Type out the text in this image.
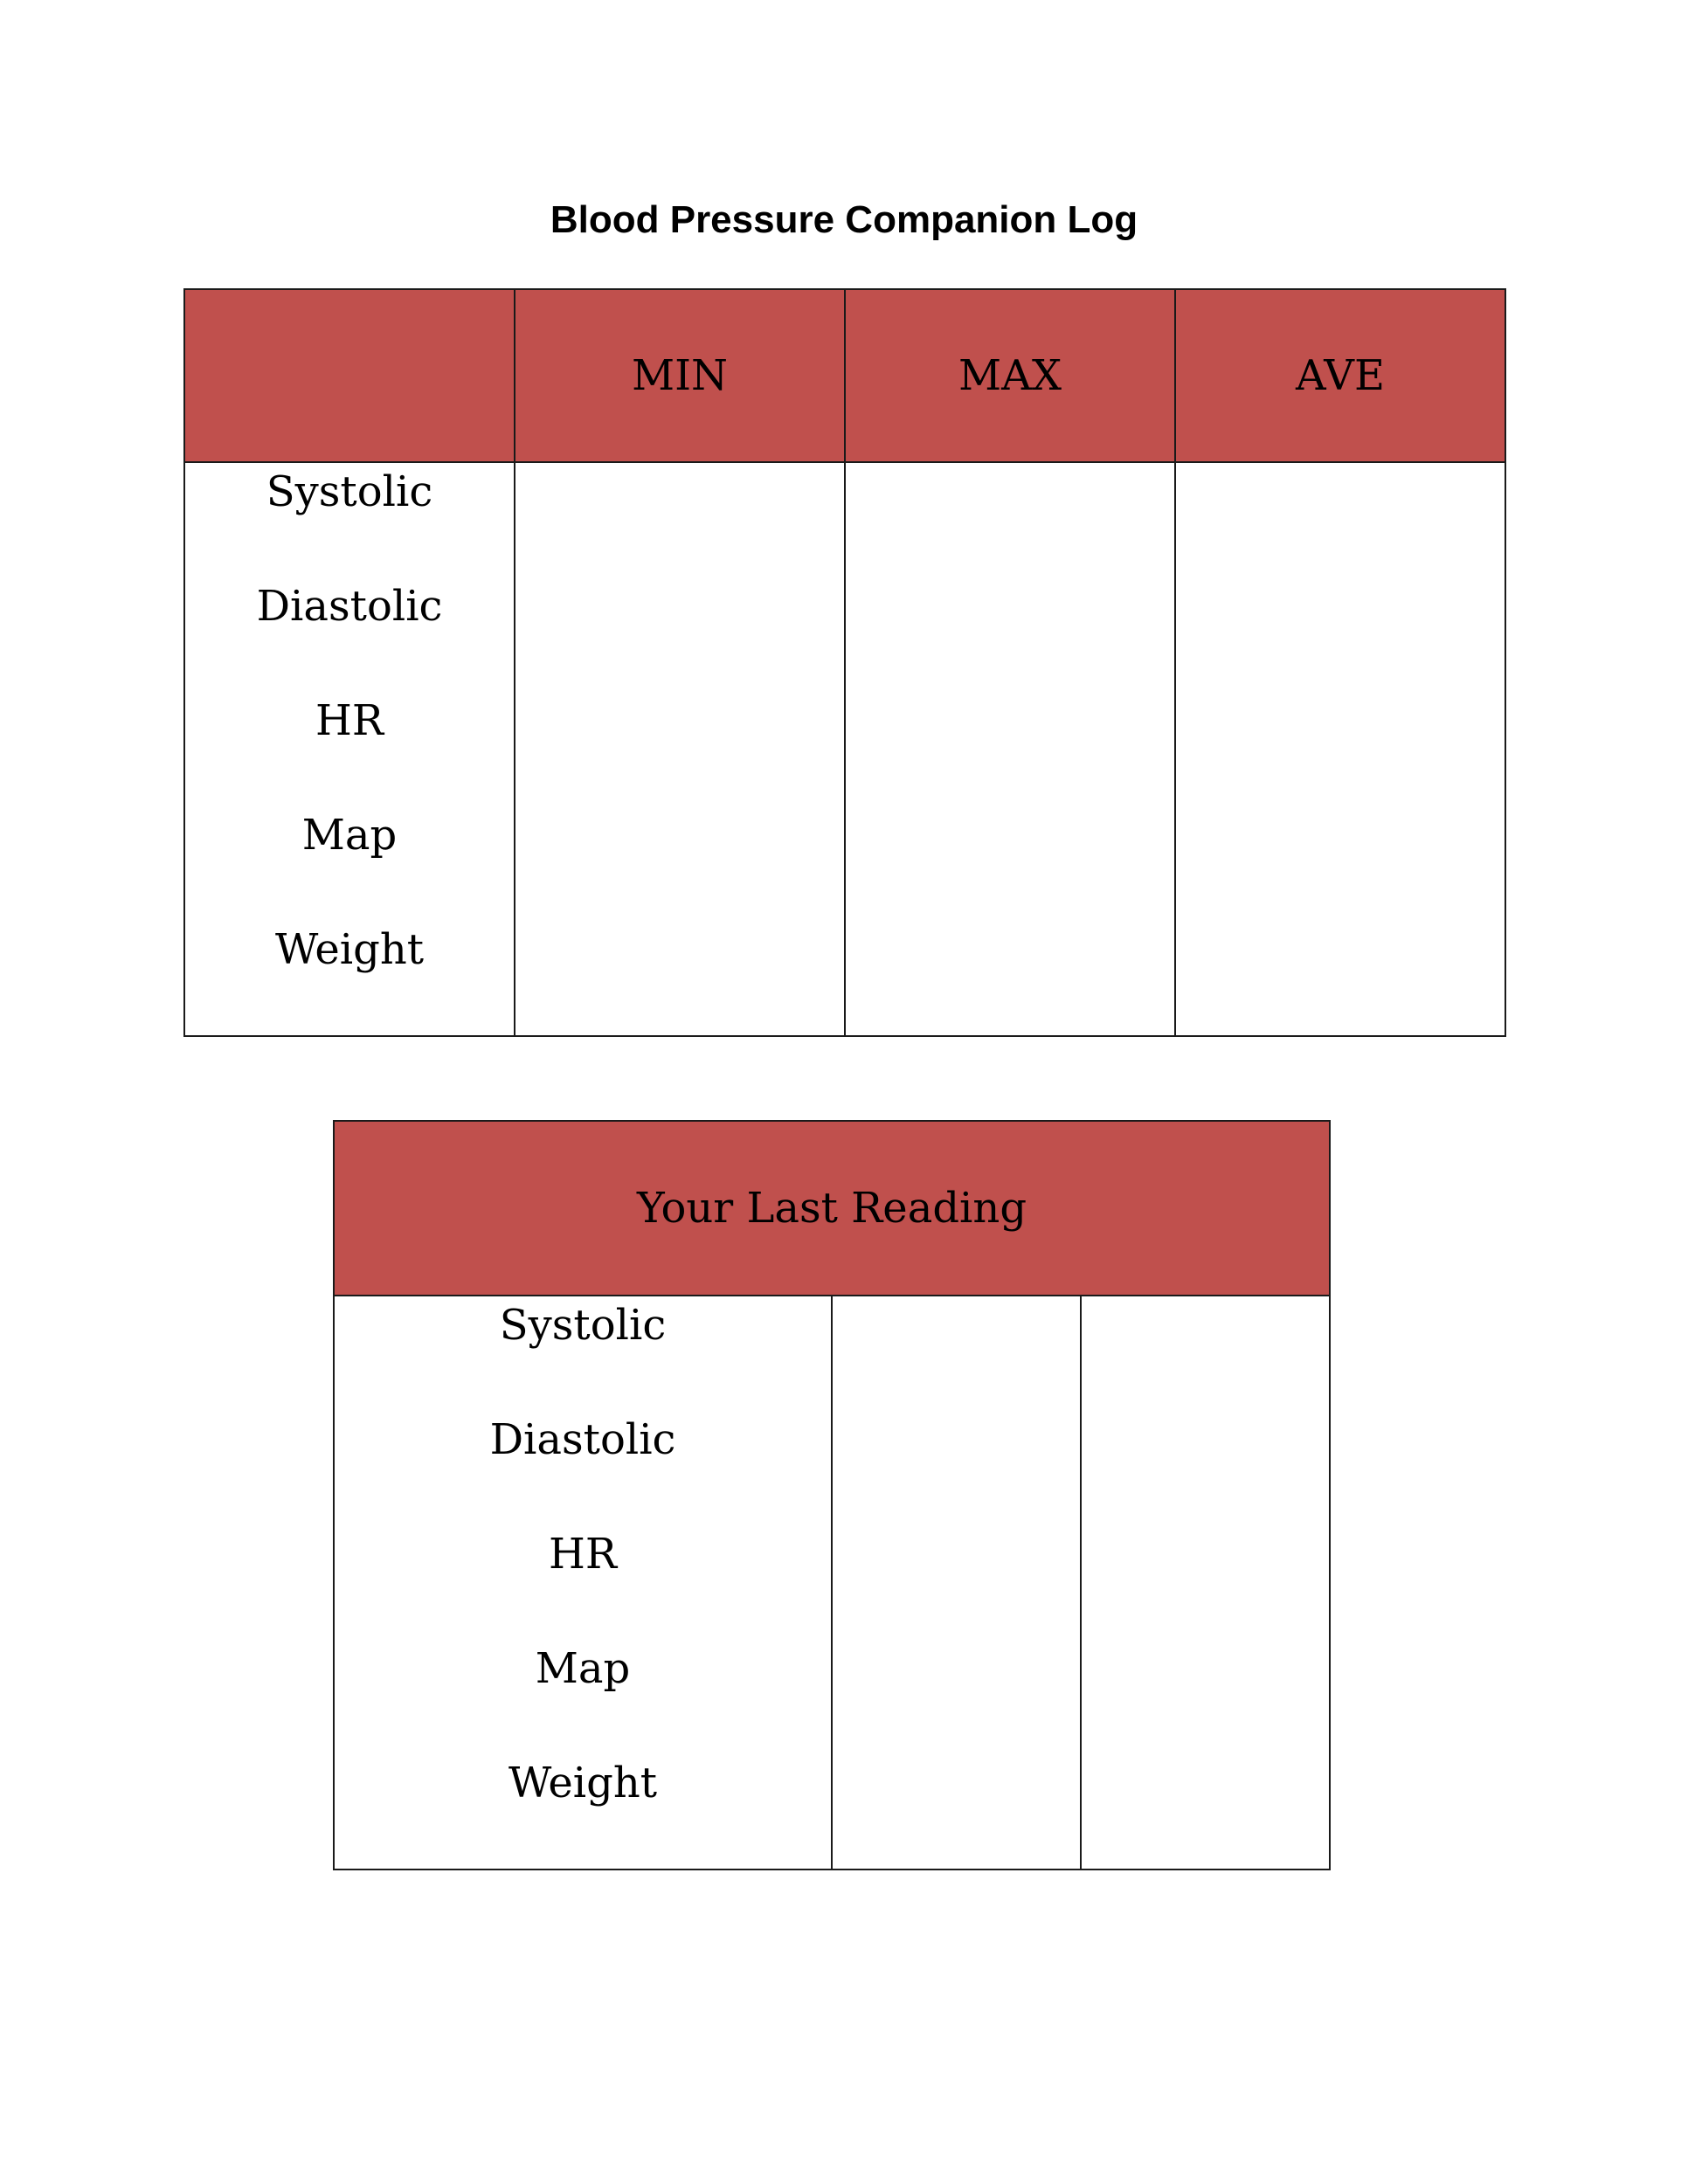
Blood Pressure Companion Log
	MIN	MAX	AVE

Systolic
Diastolic
HR
Map
Weight			

Your Last Reading

Systolic
Diastolic
HR
Map
Weight
